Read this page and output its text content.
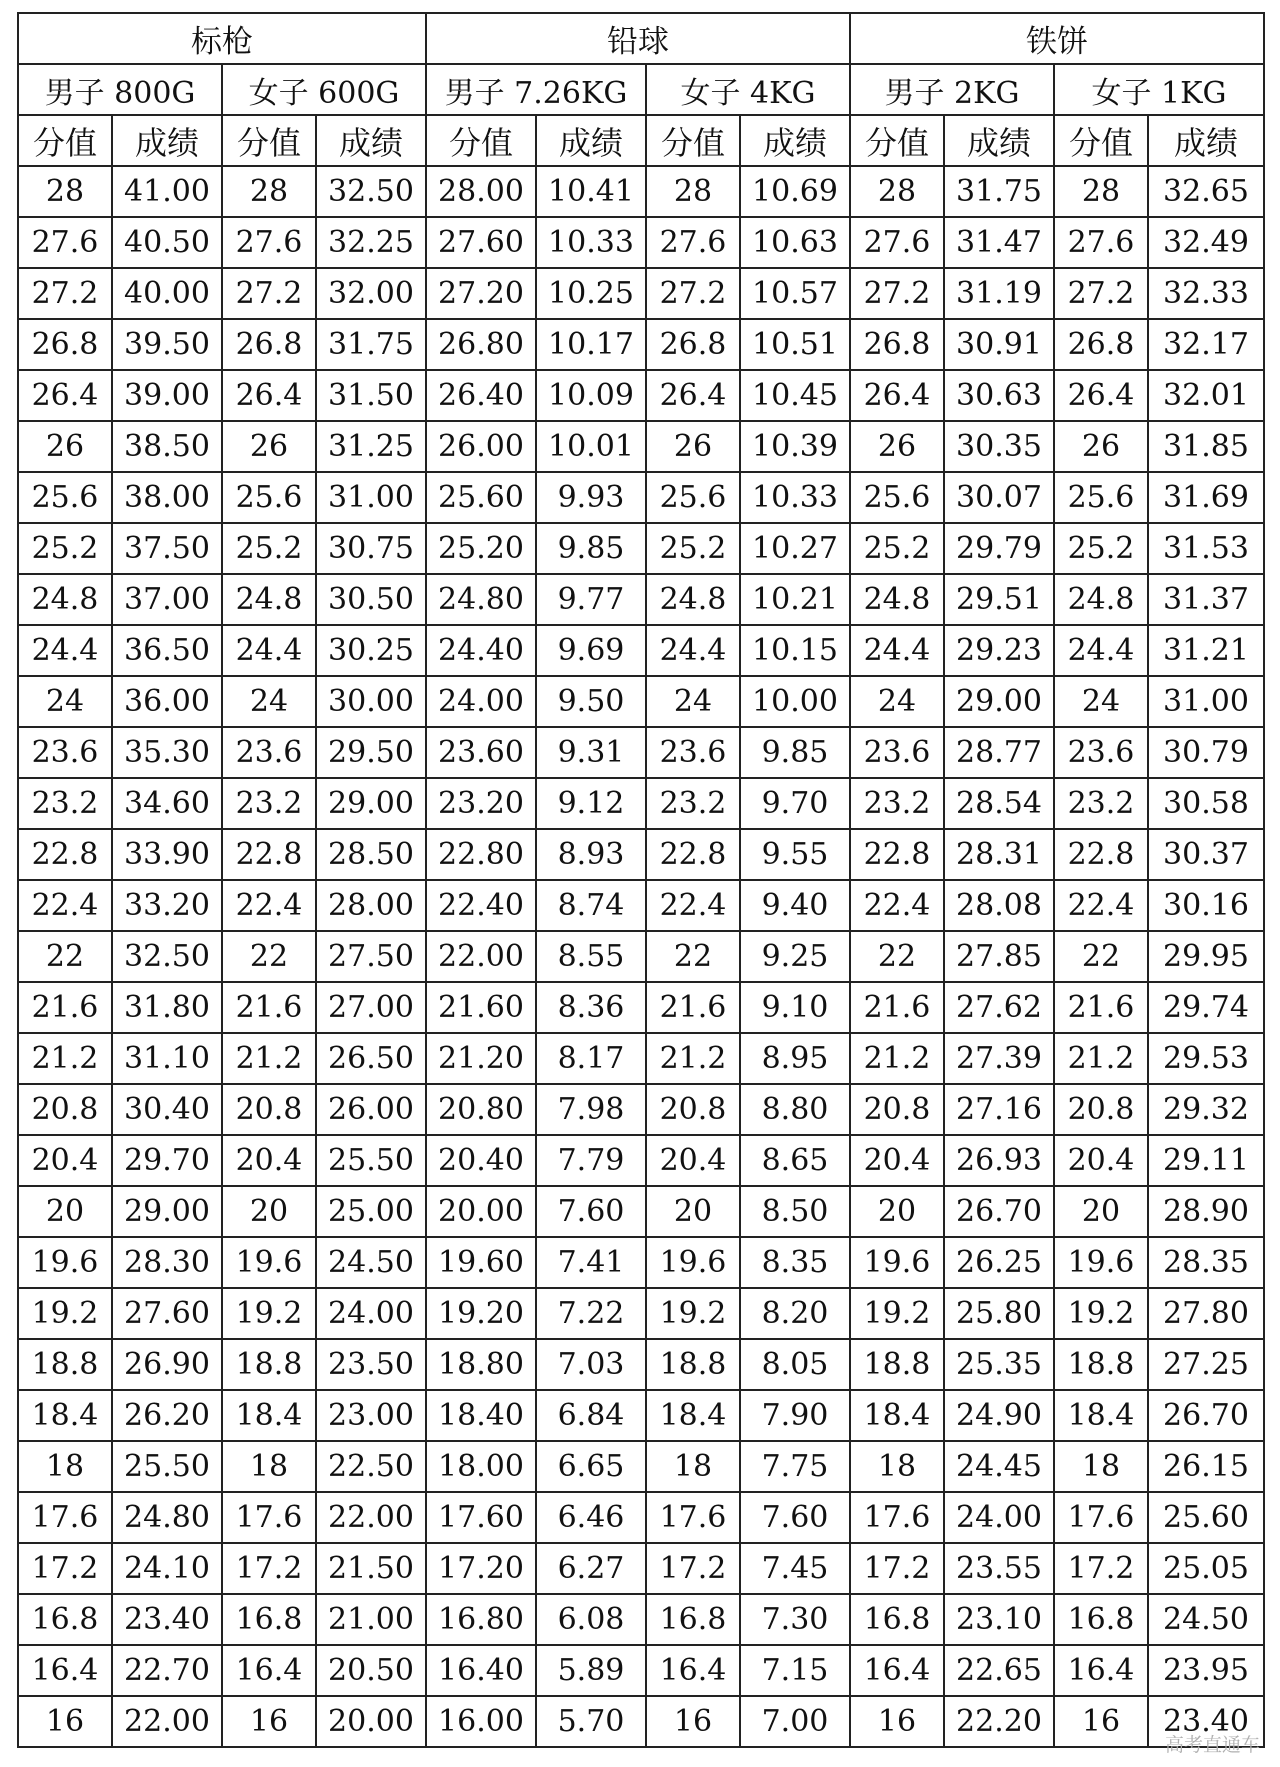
标枪				铅球				铁饼			
男子 800G		女子 600G		男子 7.26KG		女子 4KG		男子 2KG		女子 1KG	
分值	成绩	分值	成绩	分值	成绩	分值	成绩	分值	成绩	分值	成绩
28	41.00	28	32.50	28.00	10.41	28	10.69	28	31.75	28	32.65
27.6	40.50	27.6	32.25	27.60	10.33	27.6	10.63	27.6	31.47	27.6	32.49
27.2	40.00	27.2	32.00	27.20	10.25	27.2	10.57	27.2	31.19	27.2	32.33
26.8	39.50	26.8	31.75	26.80	10.17	26.8	10.51	26.8	30.91	26.8	32.17
26.4	39.00	26.4	31.50	26.40	10.09	26.4	10.45	26.4	30.63	26.4	32.01
26	38.50	26	31.25	26.00	10.01	26	10.39	26	30.35	26	31.85
25.6	38.00	25.6	31.00	25.60	9.93	25.6	10.33	25.6	30.07	25.6	31.69
25.2	37.50	25.2	30.75	25.20	9.85	25.2	10.27	25.2	29.79	25.2	31.53
24.8	37.00	24.8	30.50	24.80	9.77	24.8	10.21	24.8	29.51	24.8	31.37
24.4	36.50	24.4	30.25	24.40	9.69	24.4	10.15	24.4	29.23	24.4	31.21
24	36.00	24	30.00	24.00	9.50	24	10.00	24	29.00	24	31.00
23.6	35.30	23.6	29.50	23.60	9.31	23.6	9.85	23.6	28.77	23.6	30.79
23.2	34.60	23.2	29.00	23.20	9.12	23.2	9.70	23.2	28.54	23.2	30.58
22.8	33.90	22.8	28.50	22.80	8.93	22.8	9.55	22.8	28.31	22.8	30.37
22.4	33.20	22.4	28.00	22.40	8.74	22.4	9.40	22.4	28.08	22.4	30.16
22	32.50	22	27.50	22.00	8.55	22	9.25	22	27.85	22	29.95
21.6	31.80	21.6	27.00	21.60	8.36	21.6	9.10	21.6	27.62	21.6	29.74
21.2	31.10	21.2	26.50	21.20	8.17	21.2	8.95	21.2	27.39	21.2	29.53
20.8	30.40	20.8	26.00	20.80	7.98	20.8	8.80	20.8	27.16	20.8	29.32
20.4	29.70	20.4	25.50	20.40	7.79	20.4	8.65	20.4	26.93	20.4	29.11
20	29.00	20	25.00	20.00	7.60	20	8.50	20	26.70	20	28.90
19.6	28.30	19.6	24.50	19.60	7.41	19.6	8.35	19.6	26.25	19.6	28.35
19.2	27.60	19.2	24.00	19.20	7.22	19.2	8.20	19.2	25.80	19.2	27.80
18.8	26.90	18.8	23.50	18.80	7.03	18.8	8.05	18.8	25.35	18.8	27.25
18.4	26.20	18.4	23.00	18.40	6.84	18.4	7.90	18.4	24.90	18.4	26.70
18	25.50	18	22.50	18.00	6.65	18	7.75	18	24.45	18	26.15
17.6	24.80	17.6	22.00	17.60	6.46	17.6	7.60	17.6	24.00	17.6	25.60
17.2	24.10	17.2	21.50	17.20	6.27	17.2	7.45	17.2	23.55	17.2	25.05
16.8	23.40	16.8	21.00	16.80	6.08	16.8	7.30	16.8	23.10	16.8	24.50
16.4	22.70	16.4	20.50	16.40	5.89	16.4	7.15	16.4	22.65	16.4	23.95
16	22.00	16	20.00	16.00	5.70	16	7.00	16	22.20	16	23.40
高考直通车
